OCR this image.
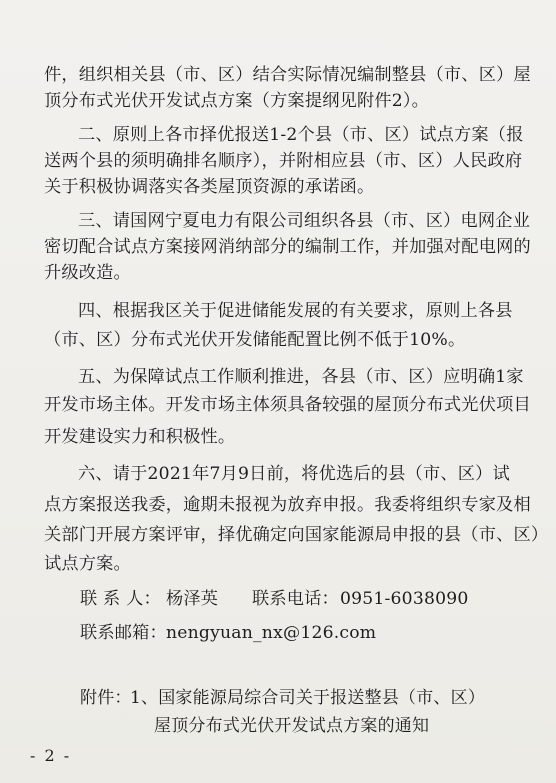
件，组织相关县（市、区）结合实际情况编制整县（市、区）屋
顶分布式光伏开发试点方案（方案提纲见附件2）。
二、原则上各市择优报送1-2个县（市、区）试点方案（报
送两个县的须明确排名顺序），并附相应县（市、区）人民政府
关于积极协调落实各类屋顶资源的承诺函。
三、请国网宁夏电力有限公司组织各县（市、区）电网企业
密切配合试点方案接网消纳部分的编制工作，并加强对配电网的
升级改造。
四、根据我区关于促进储能发展的有关要求，原则上各县
（市、区）分布式光伏开发储能配置比例不低于10%。
五、为保障试点工作顺利推进，各县（市、区）应明确1家
开发市场主体。开发市场主体须具备较强的屋顶分布式光伏项目
开发建设实力和积极性。
六、请于2021年7月9日前，将优选后的县（市、区）试
点方案报送我委，逾期未报视为放弃申报。我委将组织专家及相
关部门开展方案评审，择优确定向国家能源局申报的县（市、区）
试点方案。
联 系 人： 杨泽英 联系电话： 0951-6038090
联系邮箱： nengyuan_nx@126.com
附件：
1、国家能源局综合司关于报送整县（市、区）
屋顶分布式光伏开发试点方案的通知
- 2 -
